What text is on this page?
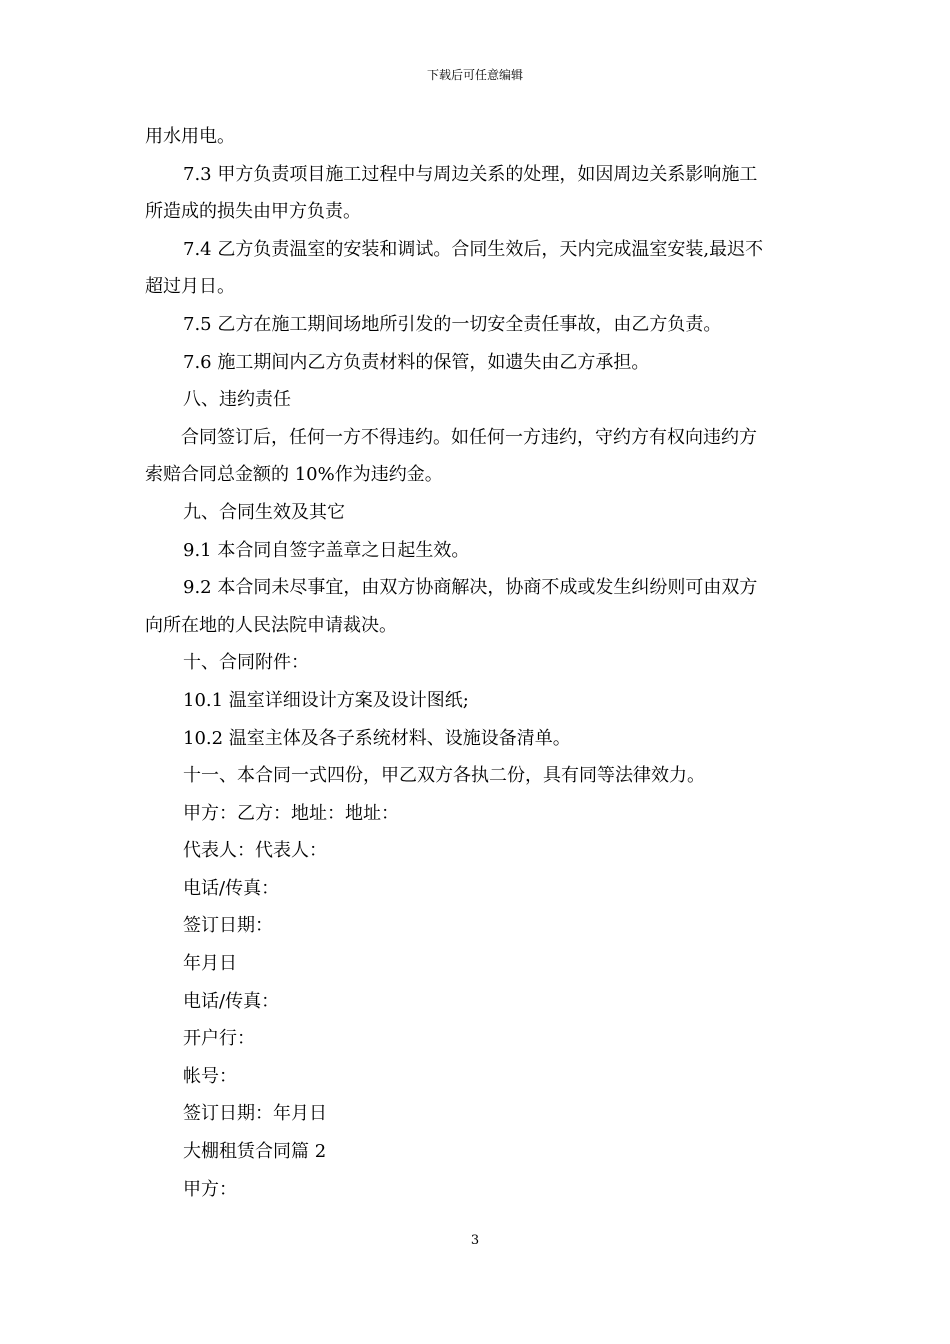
下载后可任意编辑
用水用电。
7.3 甲方负责项目施工过程中与周边关系的处理，如因周边关系影响施工
所造成的损失由甲方负责。
7.4 乙方负责温室的安装和调试。合同生效后，天内完成温室安装,最迟不
超过月日。
7.5 乙方在施工期间场地所引发的一切安全责任事故，由乙方负责。
7.6 施工期间内乙方负责材料的保管，如遗失由乙方承担。
八、违约责任
合同签订后，任何一方不得违约。如任何一方违约，守约方有权向违约方
索赔合同总金额的 10%作为违约金。
九、合同生效及其它
9.1 本合同自签字盖章之日起生效。
9.2 本合同未尽事宜，由双方协商解决，协商不成或发生纠纷则可由双方
向所在地的人民法院申请裁决。
十、合同附件：
10.1 温室详细设计方案及设计图纸;
10.2 温室主体及各子系统材料、设施设备清单。
十一、本合同一式四份，甲乙双方各执二份，具有同等法律效力。
甲方：乙方：地址：地址：
代表人：代表人：
电话/传真：
签订日期：
年月日
电话/传真：
开户行：
帐号：
签订日期：年月日
大棚租赁合同篇 2
甲方：
3
